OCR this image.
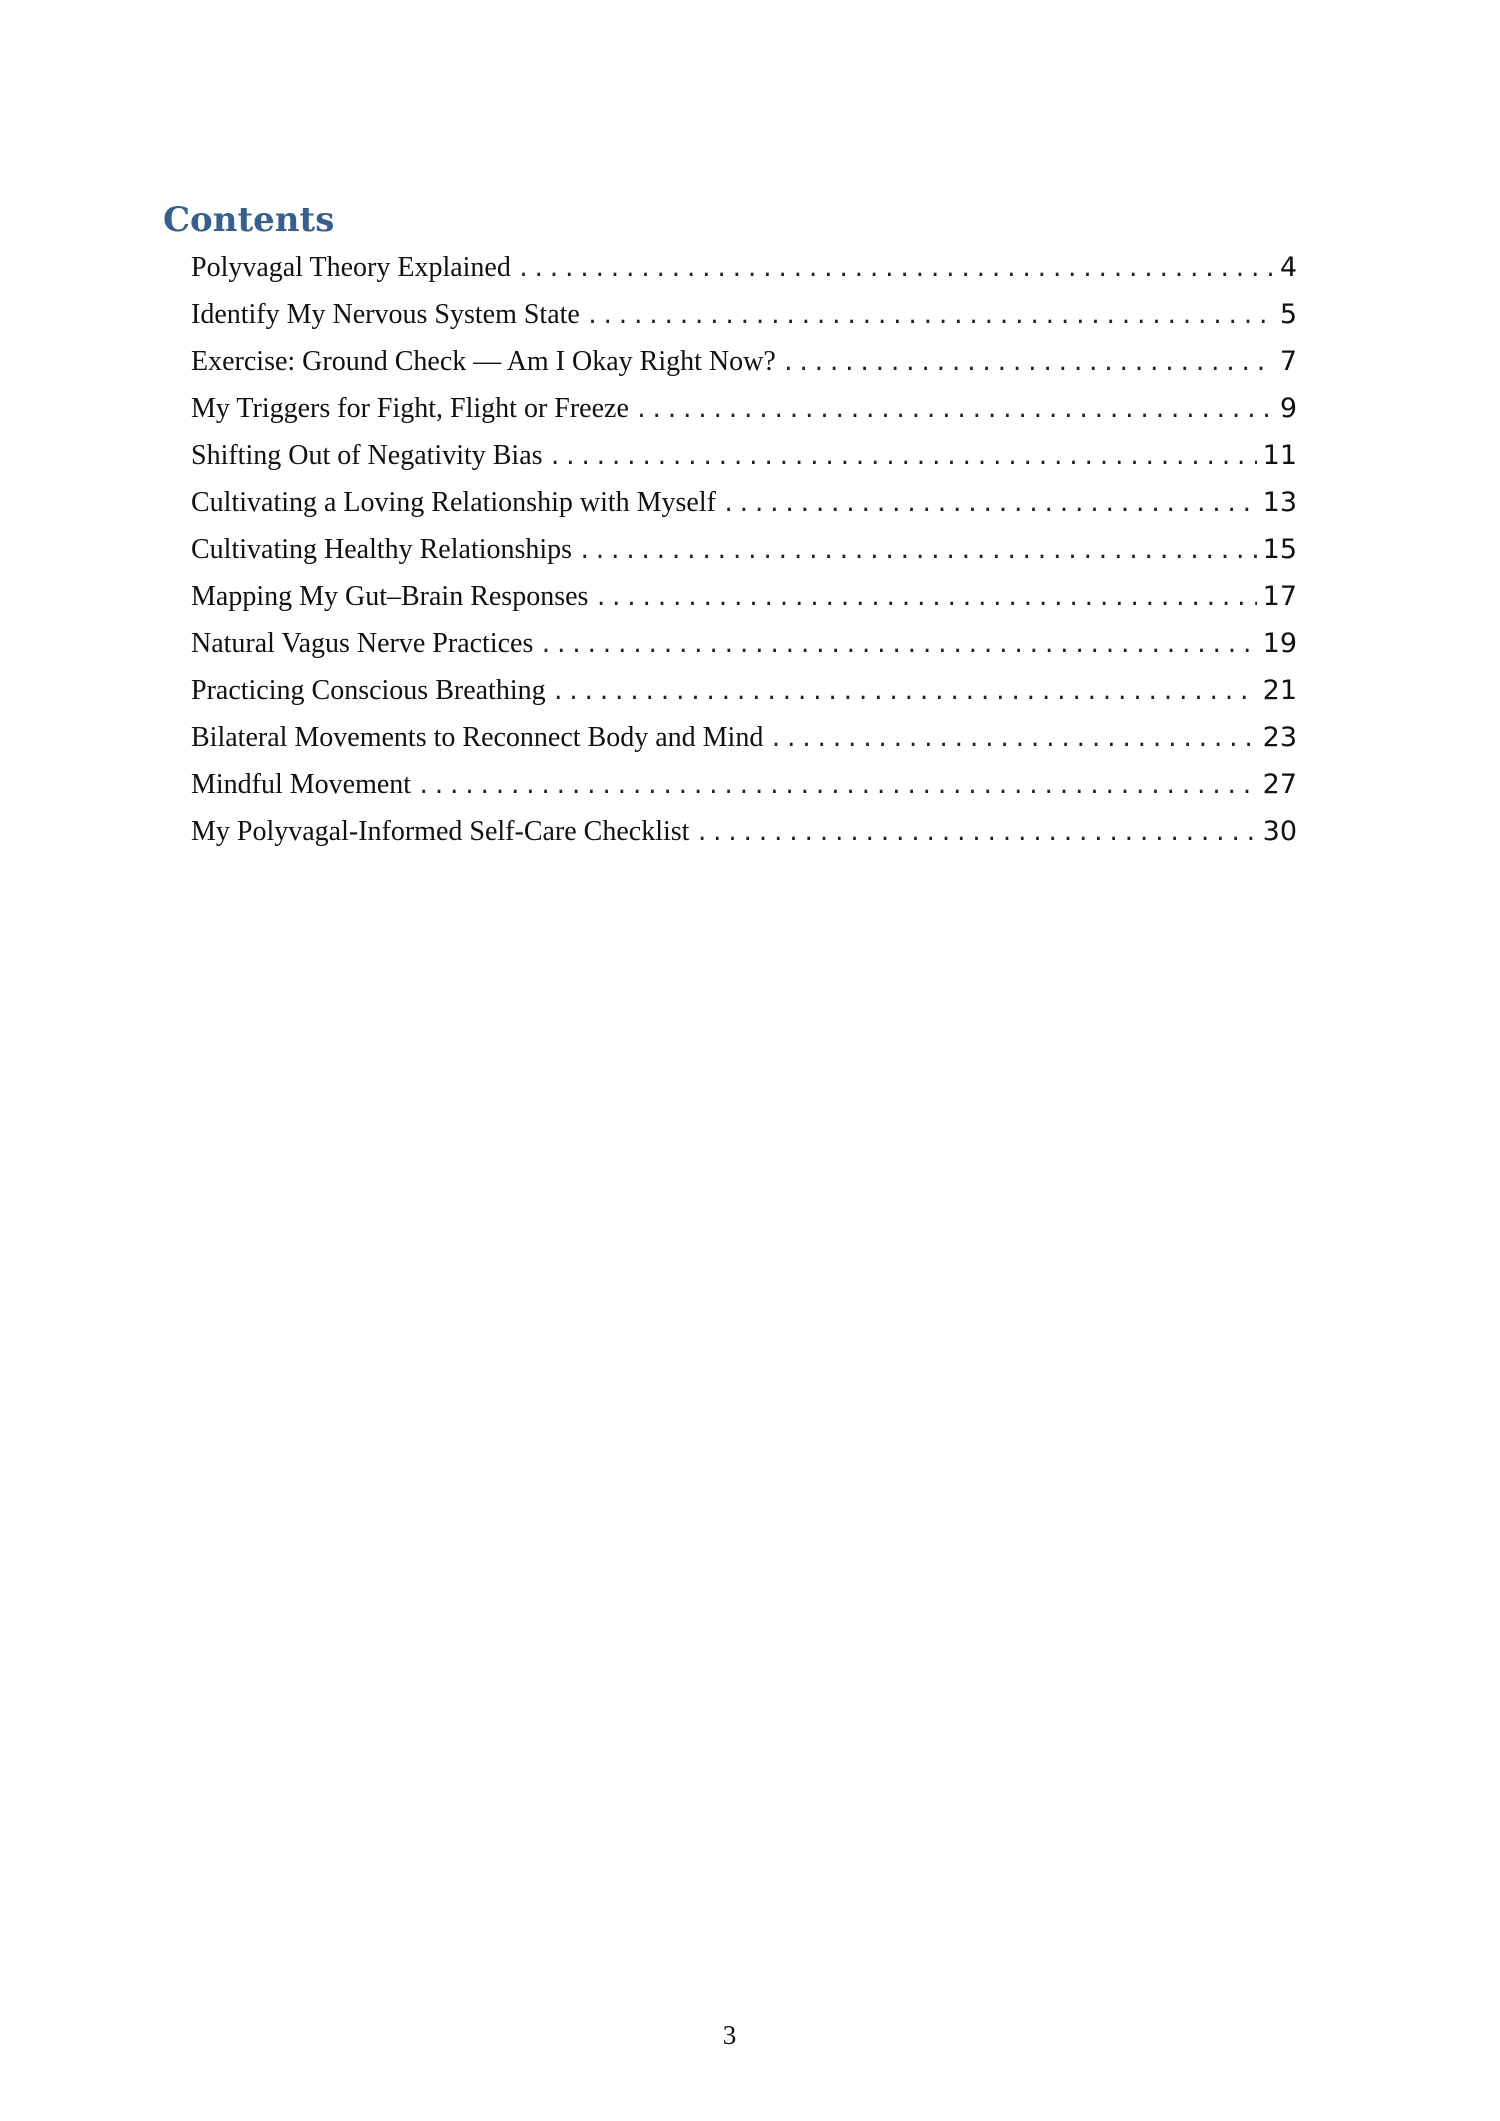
Contents
Polyvagal Theory Explained .....	4
Identify My Nervous System State .....	5
Exercise: Ground Check — Am I Okay Right Now? .....	7
My Triggers for Fight, Flight or Freeze .....	9
Shifting Out of Negativity Bias .....	11
Cultivating a Loving Relationship with Myself .....	13
Cultivating Healthy Relationships .....	15
Mapping My Gut–Brain Responses .....	17
Natural Vagus Nerve Practices .....	19
Practicing Conscious Breathing .....	21
Bilateral Movements to Reconnect Body and Mind .....	23
Mindful Movement .....	27
My Polyvagal-Informed Self-Care Checklist .....	30
3
